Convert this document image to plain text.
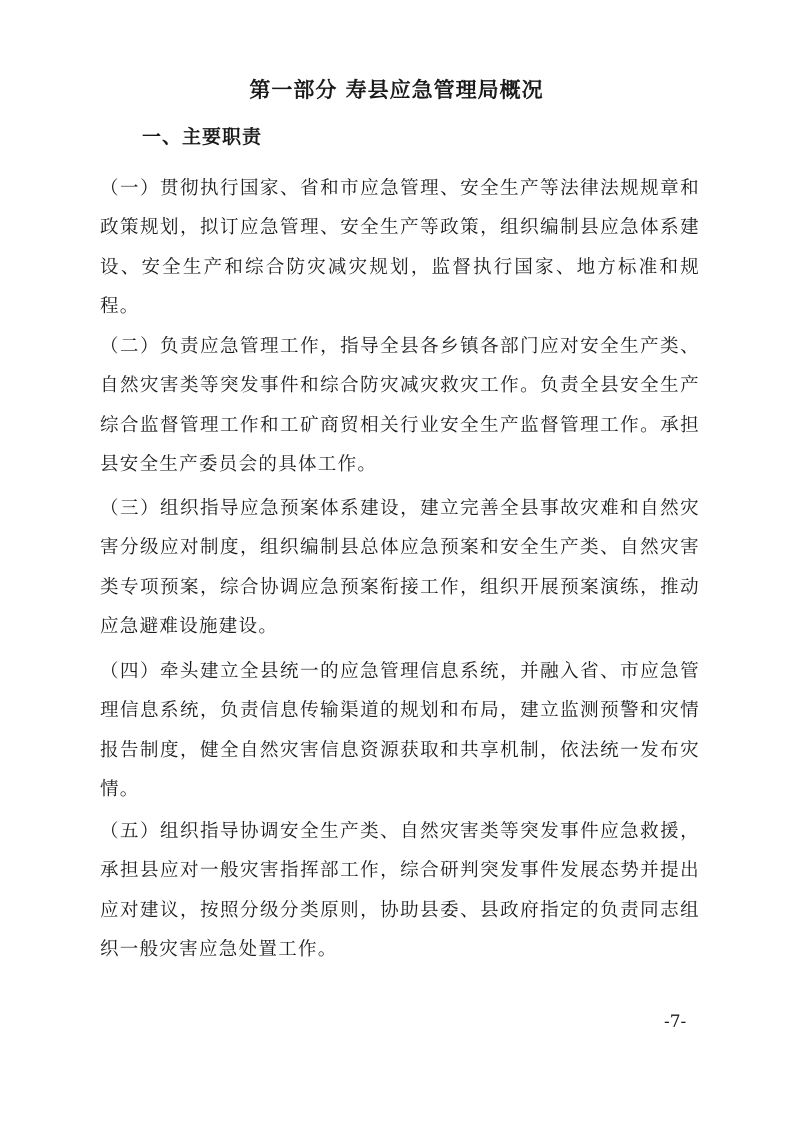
第一部分 寿县应急管理局概况
一、主要职责

（一）贯彻执行国家、省和市应急管理、安全生产等法律法规规章和政策规划，拟订应急管理、安全生产等政策，组织编制县应急体系建设、安全生产和综合防灾减灾规划，监督执行国家、地方标准和规程。

（二）负责应急管理工作，指导全县各乡镇各部门应对安全生产类、自然灾害类等突发事件和综合防灾减灾救灾工作。负责全县安全生产综合监督管理工作和工矿商贸相关行业安全生产监督管理工作。承担县安全生产委员会的具体工作。

（三）组织指导应急预案体系建设，建立完善全县事故灾难和自然灾害分级应对制度，组织编制县总体应急预案和安全生产类、自然灾害类专项预案，综合协调应急预案衔接工作，组织开展预案演练，推动应急避难设施建设。

（四）牵头建立全县统一的应急管理信息系统，并融入省、市应急管理信息系统，负责信息传输渠道的规划和布局，建立监测预警和灾情报告制度，健全自然灾害信息资源获取和共享机制，依法统一发布灾情。

（五）组织指导协调安全生产类、自然灾害类等突发事件应急救援，承担县应对一般灾害指挥部工作，综合研判突发事件发展态势并提出应对建议，按照分级分类原则，协助县委、县政府指定的负责同志组织一般灾害应急处置工作。

-7-
